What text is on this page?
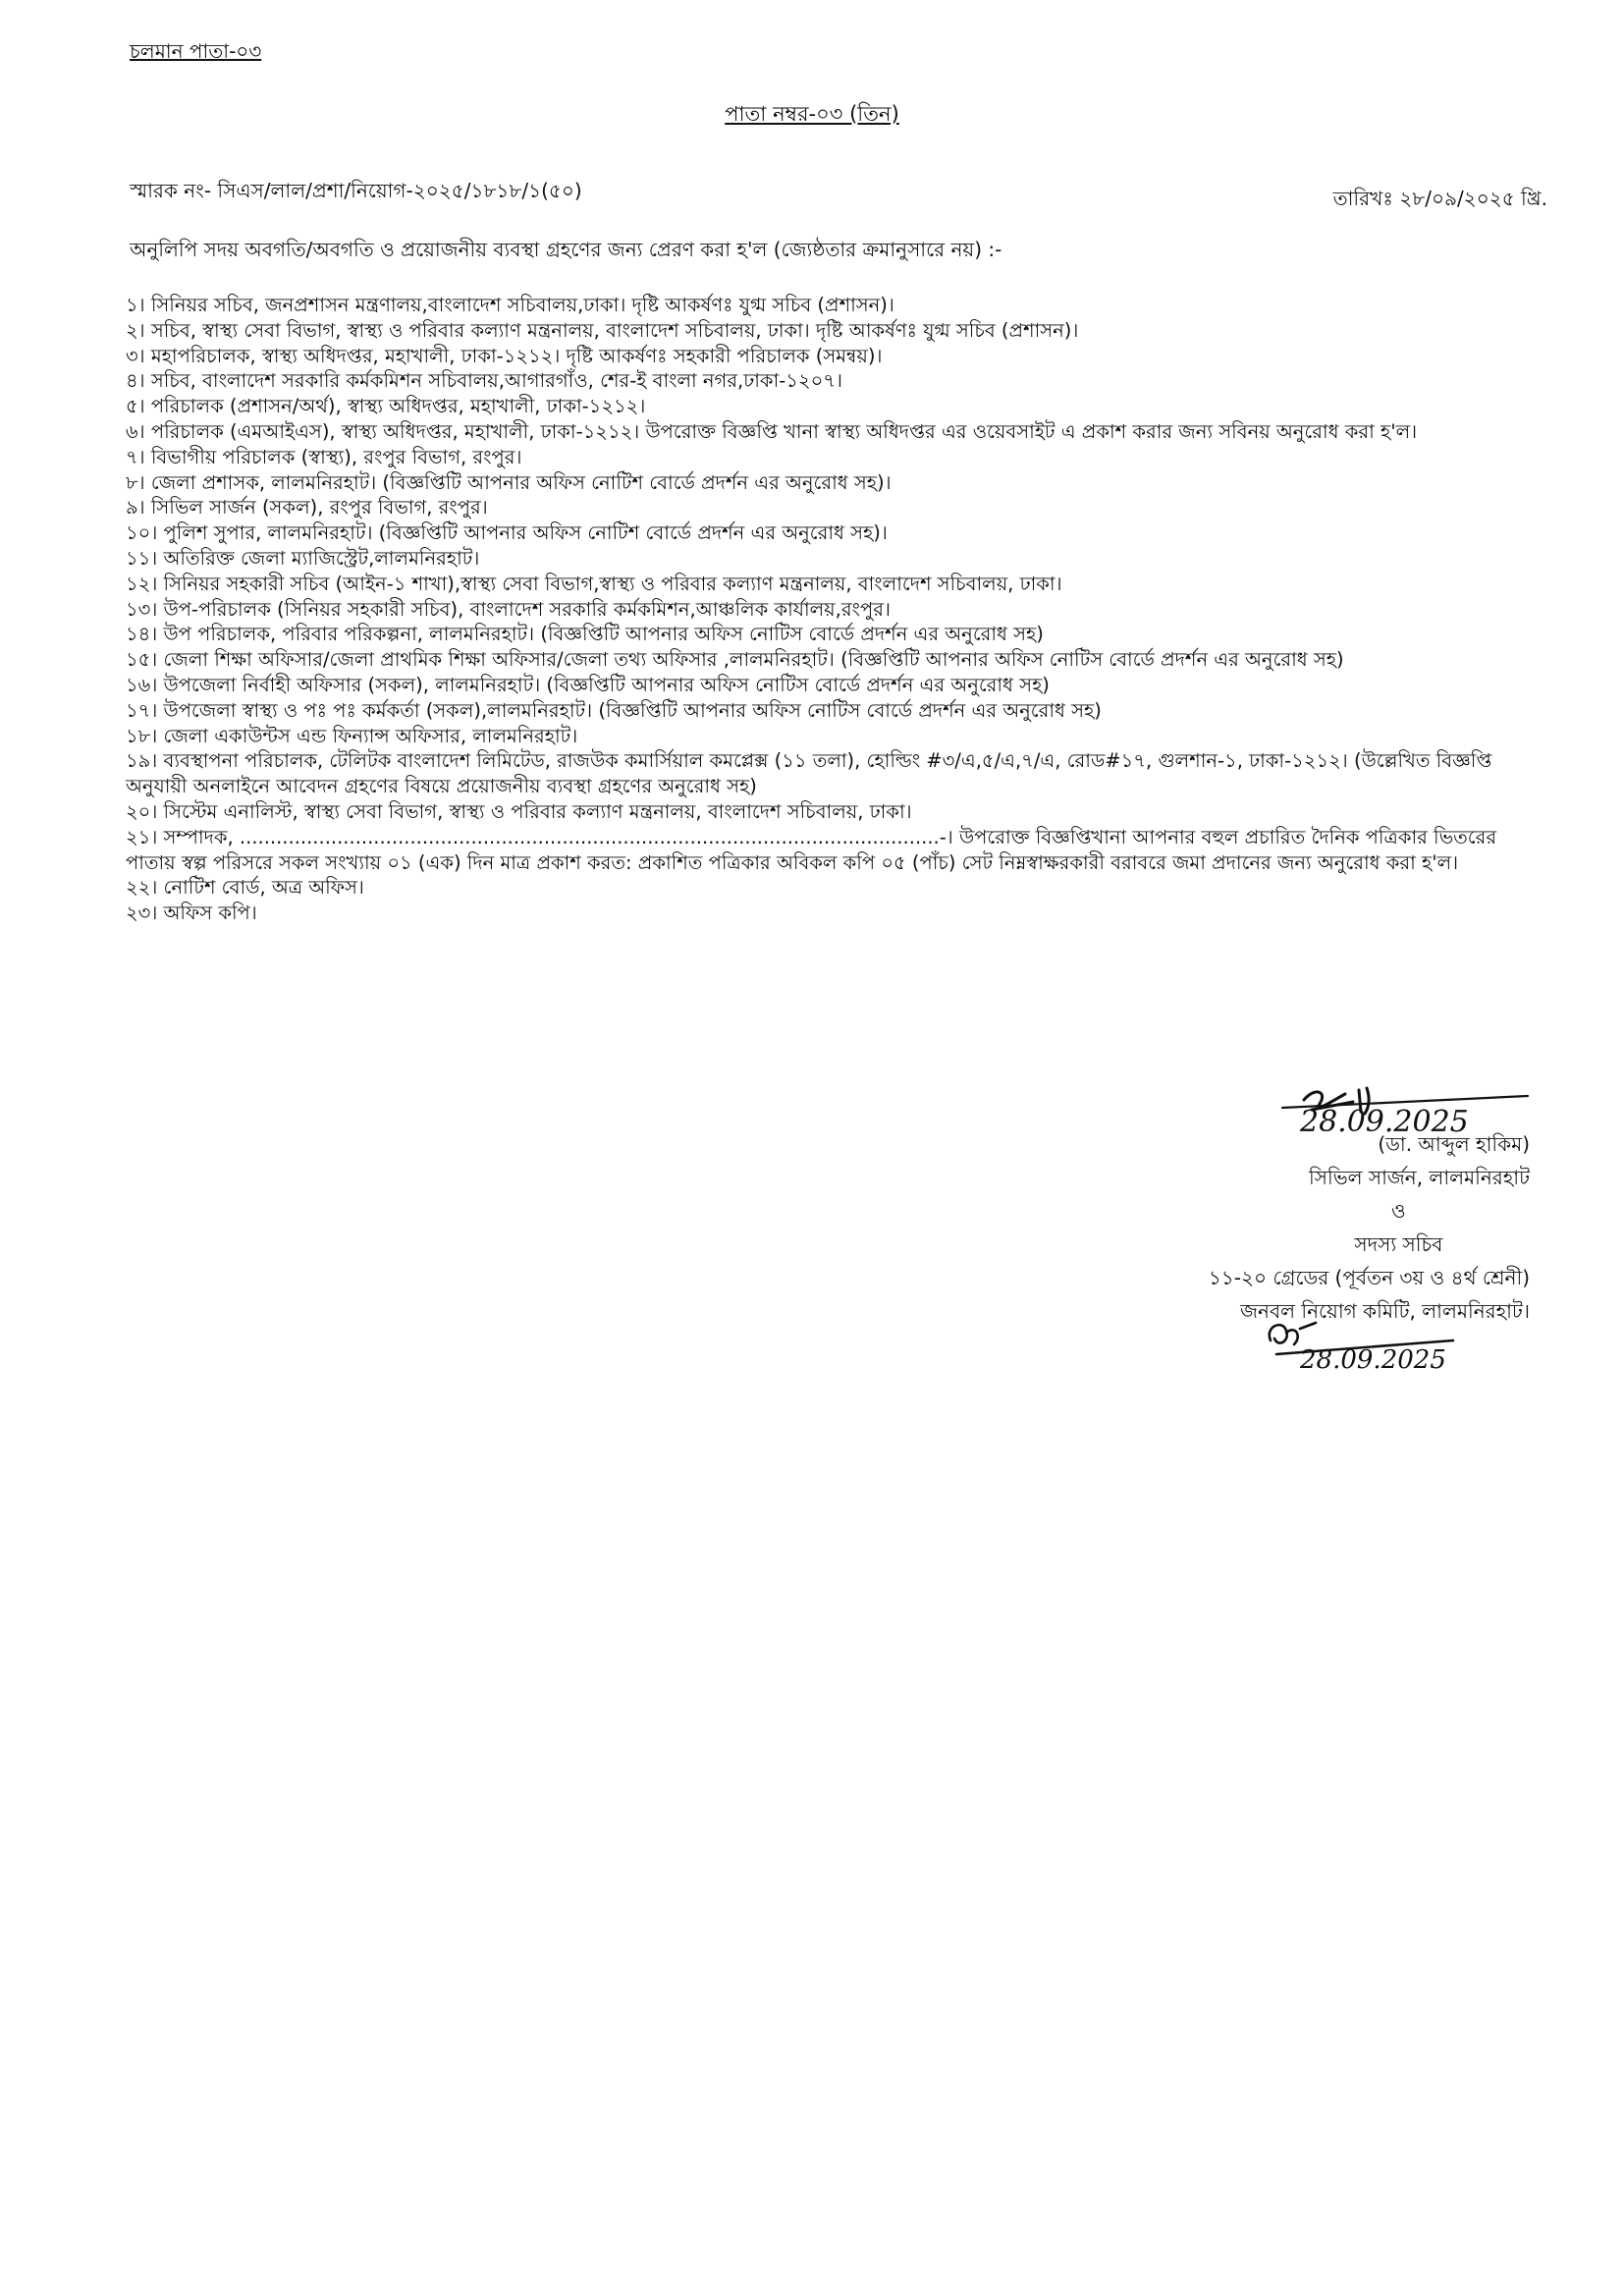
চলমান পাতা-০৩
পাতা নম্বর-০৩ (তিন)
স্মারক নং- সিএস/লাল/প্রশা/নিয়োগ-২০২৫/১৮১৮/১(৫০)	তারিখঃ ২৮/০৯/২০২৫ খ্রি.
অনুলিপি সদয় অবগতি/অবগতি ও প্রয়োজনীয় ব্যবস্থা গ্রহণের জন্য প্রেরণ করা হ'ল (জ্যেষ্ঠতার ক্রমানুসারে নয়) :-
১। সিনিয়র সচিব, জনপ্রশাসন মন্ত্রণালয়,বাংলাদেশ সচিবালয়,ঢাকা। দৃষ্টি আকর্ষণঃ যুগ্ম সচিব (প্রশাসন)।
২। সচিব, স্বাস্থ্য সেবা বিভাগ, স্বাস্থ্য ও পরিবার কল্যাণ মন্ত্রনালয়, বাংলাদেশ সচিবালয়, ঢাকা। দৃষ্টি আকর্ষণঃ যুগ্ম সচিব (প্রশাসন)।
৩। মহাপরিচালক, স্বাস্থ্য অধিদপ্তর, মহাখালী, ঢাকা-১২১২। দৃষ্টি আকর্ষণঃ সহকারী পরিচালক (সমন্বয়)।
৪। সচিব, বাংলাদেশ সরকারি কর্মকমিশন সচিবালয়,আগারগাঁও, শের-ই বাংলা নগর,ঢাকা-১২০৭।
৫। পরিচালক (প্রশাসন/অর্থ), স্বাস্থ্য অধিদপ্তর, মহাখালী, ঢাকা-১২১২।
৬। পরিচালক (এমআইএস), স্বাস্থ্য অধিদপ্তর, মহাখালী, ঢাকা-১২১২। উপরোক্ত বিজ্ঞপ্তি খানা স্বাস্থ্য অধিদপ্তর এর ওয়েবসাইট এ প্রকাশ করার জন্য সবিনয় অনুরোধ করা হ'ল।
৭। বিভাগীয় পরিচালক (স্বাস্থ্য), রংপুর বিভাগ, রংপুর।
৮। জেলা প্রশাসক, লালমনিরহাট। (বিজ্ঞপ্তিটি আপনার অফিস নোটিশ বোর্ডে প্রদর্শন এর অনুরোধ সহ)।
৯। সিভিল সার্জন (সকল), রংপুর বিভাগ, রংপুর।
১০। পুলিশ সুপার, লালমনিরহাট। (বিজ্ঞপ্তিটি আপনার অফিস নোটিশ বোর্ডে প্রদর্শন এর অনুরোধ সহ)।
১১। অতিরিক্ত জেলা ম্যাজিস্ট্রেট,লালমনিরহাট।
১২। সিনিয়র সহকারী সচিব (আইন-১ শাখা),স্বাস্থ্য সেবা বিভাগ,স্বাস্থ্য ও পরিবার কল্যাণ মন্ত্রনালয়, বাংলাদেশ সচিবালয়, ঢাকা।
১৩। উপ-পরিচালক (সিনিয়র সহকারী সচিব), বাংলাদেশ সরকারি কর্মকমিশন,আঞ্চলিক কার্যালয়,রংপুর।
১৪। উপ পরিচালক, পরিবার পরিকল্পনা, লালমনিরহাট। (বিজ্ঞপ্তিটি আপনার অফিস নোটিস বোর্ডে প্রদর্শন এর অনুরোধ সহ)
১৫। জেলা শিক্ষা অফিসার/জেলা প্রাথমিক শিক্ষা অফিসার/জেলা তথ্য অফিসার ,লালমনিরহাট। (বিজ্ঞপ্তিটি আপনার অফিস নোটিস বোর্ডে প্রদর্শন এর অনুরোধ সহ)
১৬। উপজেলা নির্বাহী অফিসার (সকল), লালমনিরহাট। (বিজ্ঞপ্তিটি আপনার অফিস নোটিস বোর্ডে প্রদর্শন এর অনুরোধ সহ)
১৭। উপজেলা স্বাস্থ্য ও পঃ পঃ কর্মকর্তা (সকল),লালমনিরহাট। (বিজ্ঞপ্তিটি আপনার অফিস নোটিস বোর্ডে প্রদর্শন এর অনুরোধ সহ)
১৮। জেলা একাউন্টস এন্ড ফিন্যান্স অফিসার, লালমনিরহাট।
১৯। ব্যবস্থাপনা পরিচালক, টেলিটক বাংলাদেশ লিমিটেড, রাজউক কমার্সিয়াল কমপ্লেক্স (১১ তলা), হোল্ডিং #৩/এ,৫/এ,৭/এ, রোড#১৭, গুলশান-১, ঢাকা-১২১২। (উল্লেখিত বিজ্ঞপ্তি অনুযায়ী অনলাইনে আবেদন গ্রহণের বিষয়ে প্রয়োজনীয় ব্যবস্থা গ্রহণের অনুরোধ সহ)
২০। সিস্টেম এনালিস্ট, স্বাস্থ্য সেবা বিভাগ, স্বাস্থ্য ও পরিবার কল্যাণ মন্ত্রনালয়, বাংলাদেশ সচিবালয়, ঢাকা।
২১। সম্পাদক, ...................................................................................................................-। উপরোক্ত বিজ্ঞপ্তিখানা আপনার বহুল প্রচারিত দৈনিক পত্রিকার ভিতরের পাতায় স্বল্প পরিসরে সকল সংখ্যায় ০১ (এক) দিন মাত্র প্রকাশ করত: প্রকাশিত পত্রিকার অবিকল কপি ০৫ (পাঁচ) সেট নিম্নস্বাক্ষরকারী বরাবরে জমা প্রদানের জন্য অনুরোধ করা হ'ল।
২২। নোটিশ বোর্ড, অত্র অফিস।
২৩। অফিস কপি।
28.09.2025
(ডা. আব্দুল হাকিম)
সিভিল সার্জন, লালমনিরহাট
ও
সদস্য সচিব
১১-২০ গ্রেডের (পূর্বতন ৩য় ও ৪র্থ শ্রেনী)
জনবল নিয়োগ কমিটি, লালমনিরহাট।
28.09.2025
